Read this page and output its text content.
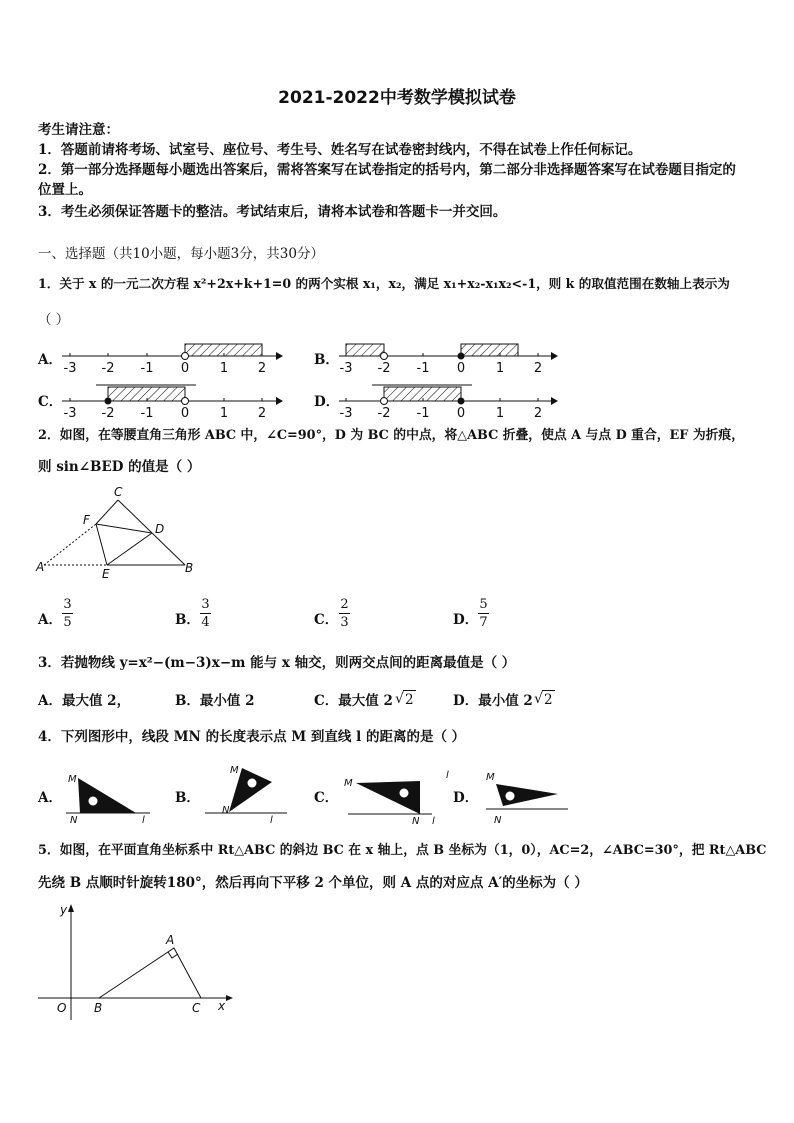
2021-2022中考数学模拟试卷
考生请注意：
1．答题前请将考场、试室号、座位号、考生号、姓名写在试卷密封线内，不得在试卷上作任何标记。
2．第一部分选择题每小题选出答案后，需将答案写在试卷指定的括号内，第二部分非选择题答案写在试卷题目指定的
位置上。
3．考生必须保证答题卡的整洁。考试结束后，请将本试卷和答题卡一并交回。
一、选择题（共10小题，每小题3分，共30分）
1．关于 x 的一元二次方程 x²+2x+k+1=0 的两个实根 x₁，x₂，满足 x₁+x₂-x₁x₂<-1，则 k 的取值范围在数轴上表示为
（ ）
A．	B．
C．	D．
-3 -2 -1 0 1 2	-3 -2 -1 0 1 2
-3 -2 -1 0 1 2	-3 -2 -1 0 1 2
2．如图，在等腰直角三角形 ABC 中，∠C=90°，D 为 BC 的中点，将△ABC 折叠，使点 A 与点 D 重合，EF 为折痕，
则 sin∠BED 的值是（ ）
C
F
D
A	E	B
A．
3
5	B．
3
4	C．
2
3	D．
5
7
3．若抛物线 y=x²−(m−3)x−m 能与 x 轴交，则两交点间的距离最值是（ ）
A．最大值 2，	B．最小值 2	C．最大值 2 2
√	D．最小值 2 2
√
4．下列图形中，线段 MN 的长度表示点 M 到直线 l 的距离的是（ ）
A．	B．	C．	D．
M
N	l
M
N
l
M
N l
l	M
N
5．如图，在平面直角坐标系中 Rt△ABC 的斜边 BC 在 x 轴上，点 B 坐标为（1，0），AC=2，∠ABC=30°，把 Rt△ABC
先绕 B 点顺时针旋转180°，然后再向下平移 2 个单位，则 A 点的对应点 A′的坐标为（ ）
y
x
O B	C
A
